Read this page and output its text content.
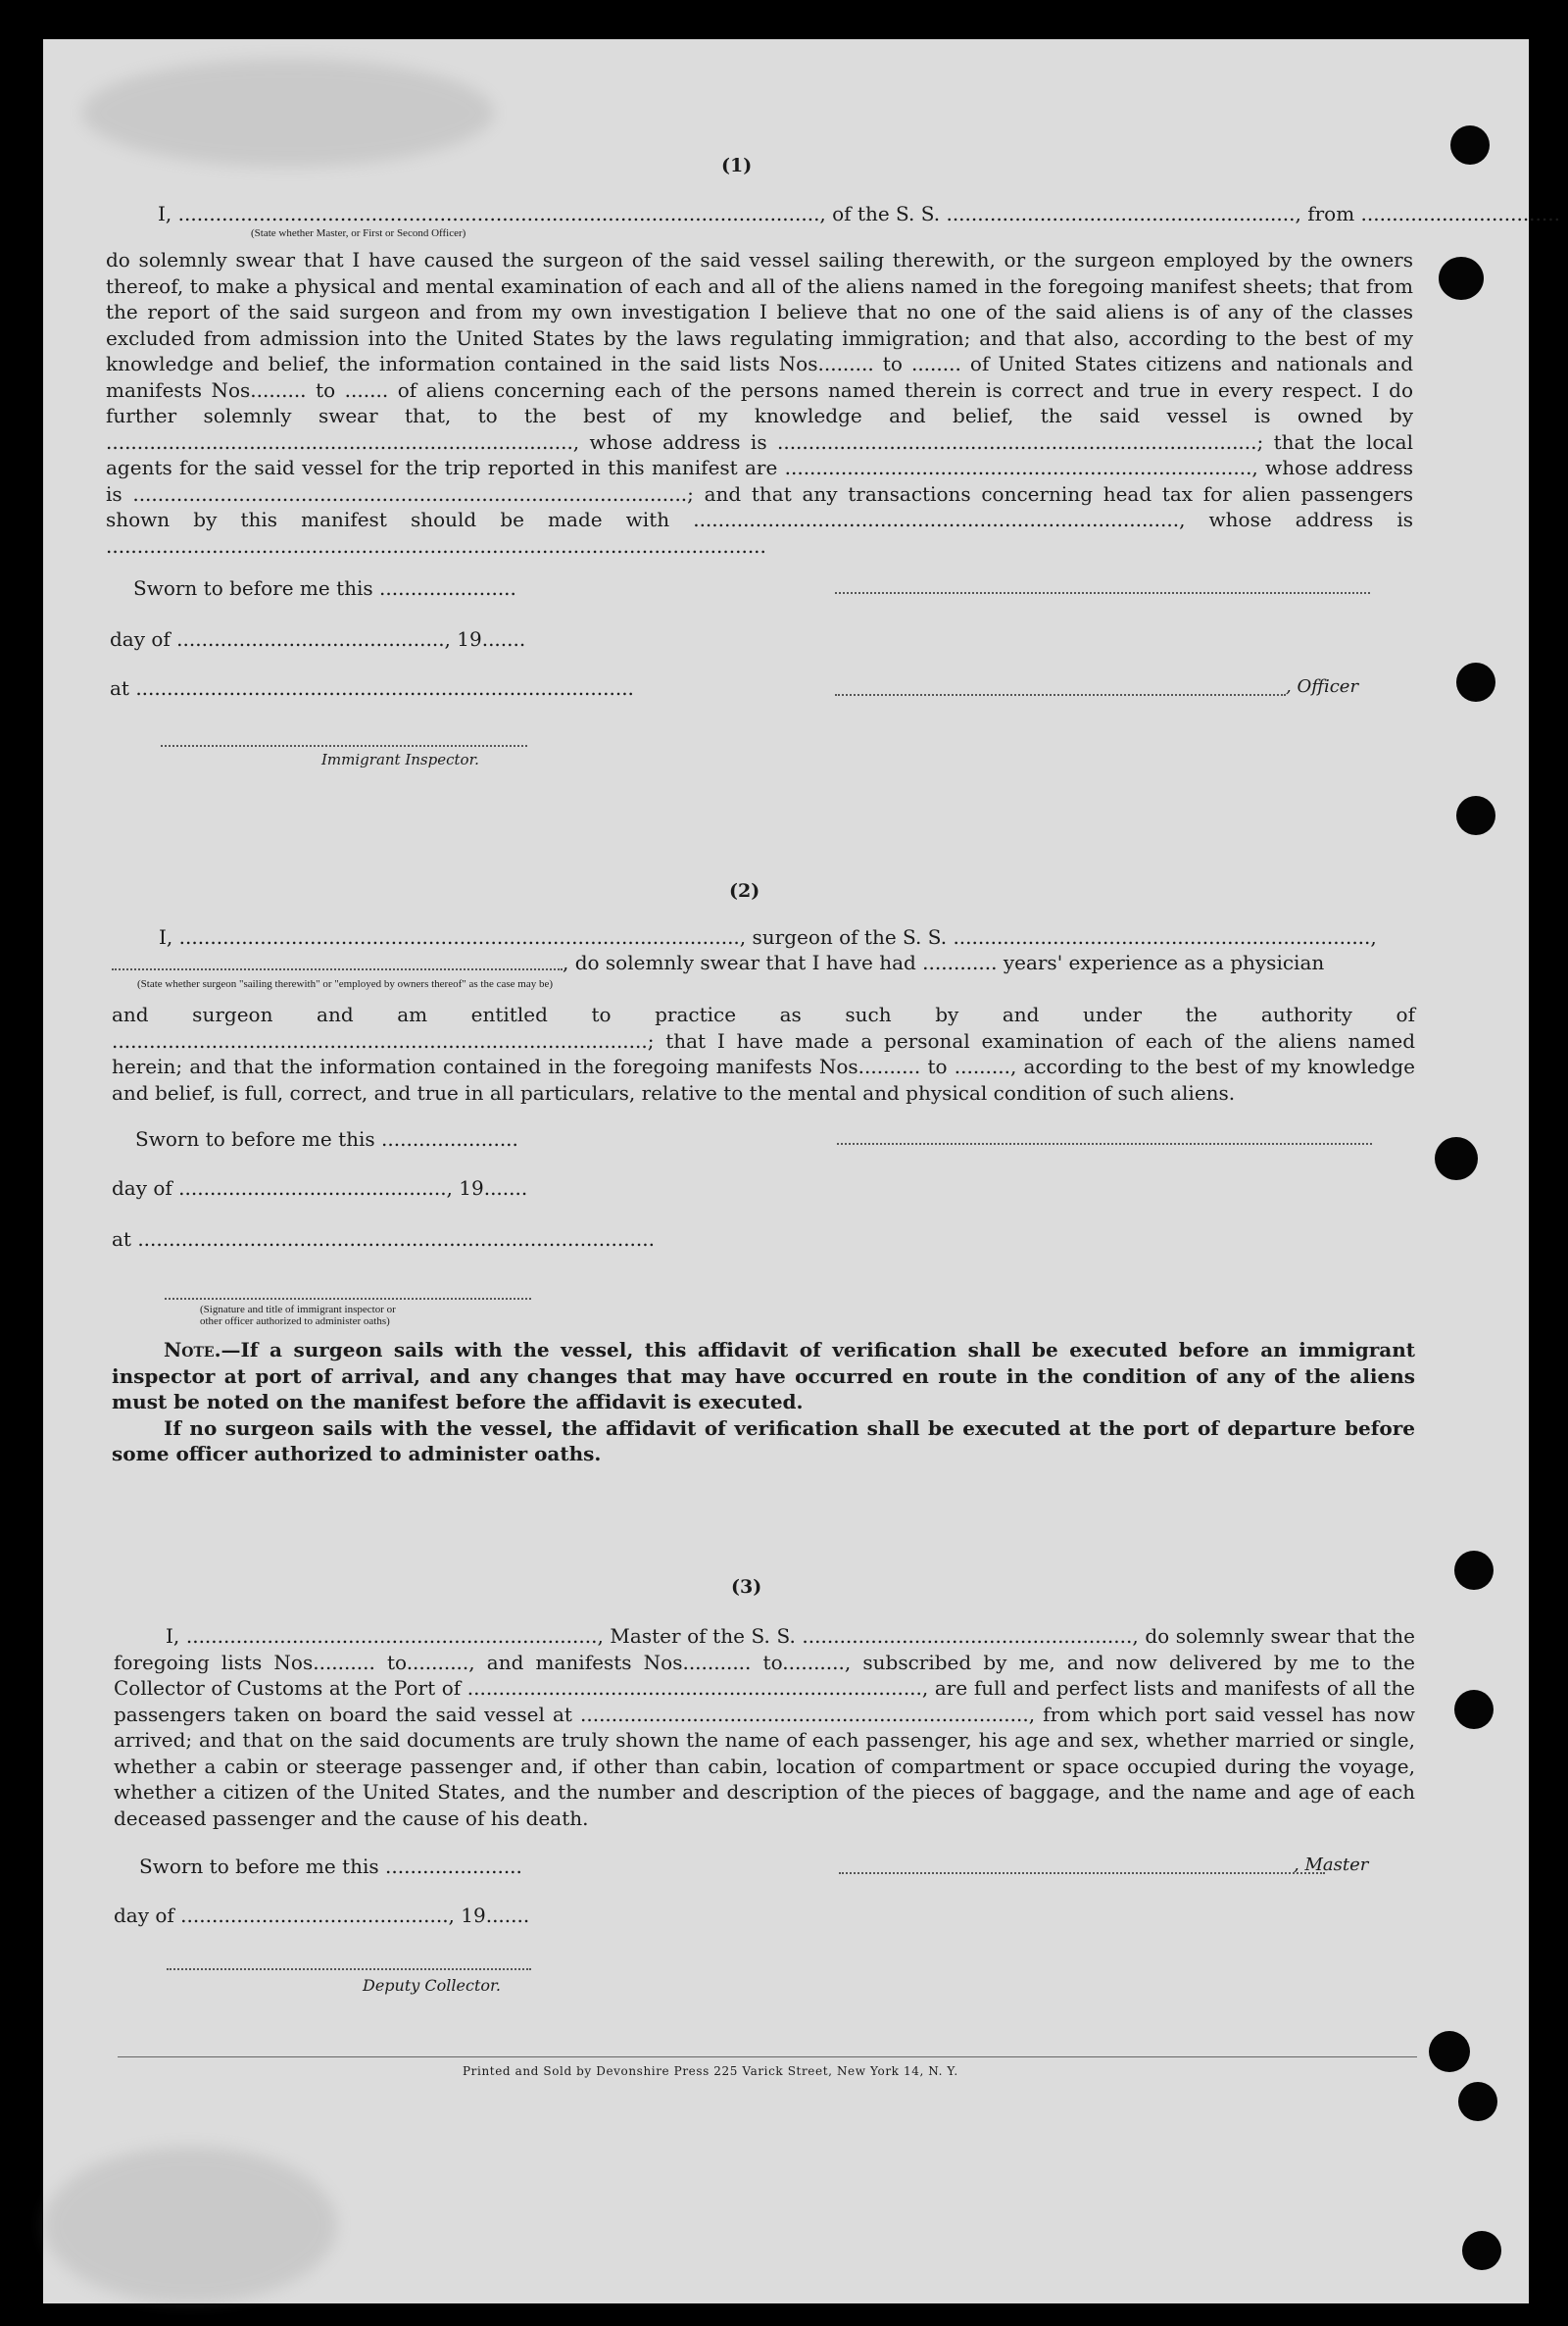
(1)
I, ......................................................................................................., of the S. S. ........................................................, from ................................
(State whether Master, or First or Second Officer)
do solemnly swear that I have caused the surgeon of the said vessel sailing therewith, or the surgeon employed by the owners thereof, to make a physical and mental examination of each and all of the aliens named in the foregoing manifest sheets; that from the report of the said surgeon and from my own investigation I believe that no one of the said aliens is of any of the classes excluded from admission into the United States by the laws regulating immigration; and that also, according to the best of my knowledge and belief, the information contained in the said lists Nos......... to ........ of United States citizens and nationals and manifests Nos......... to ....... of aliens concerning each of the persons named therein is correct and true in every respect. I do further solemnly swear that, to the best of my knowledge and belief, the said vessel is owned by ..........................................................................., whose address is .............................................................................; that the local agents for the said vessel for the trip reported in this manifest are ..........................................................................., whose address is .........................................................................................; and that any transactions concerning head tax for alien passengers shown by this manifest should be made with .............................................................................., whose address is ..........................................................................................................
Sworn to before me this ......................
day of ..........................................., 19.......
at ................................................................................	, Officer
Immigrant Inspector.
(2)
I, .........................................................................................., surgeon of the S. S. ...................................................................,
, do solemnly swear that I have had ............ years' experience as a physician
(State whether surgeon "sailing therewith" or "employed by owners thereof" as the case may be)
and surgeon and am entitled to practice as such by and under the authority of ......................................................................................; that I have made a personal examination of each of the aliens named herein; and that the information contained in the foregoing manifests Nos.......... to ........., according to the best of my knowledge and belief, is full, correct, and true in all particulars, relative to the mental and physical condition of such aliens.
Sworn to before me this ......................
day of ..........................................., 19.......
at ...................................................................................
(Signature and title of immigrant inspector or
other officer authorized to administer oaths)

Note.—If a surgeon sails with the vessel, this affidavit of verification shall be executed before an immigrant inspector at port of arrival, and any changes that may have occurred en route in the condition of any of the aliens must be noted on the manifest before the affidavit is executed.

If no surgeon sails with the vessel, the affidavit of verification shall be executed at the port of departure before some officer authorized to administer oaths.

(3)

I, .................................................................., Master of the S. S. ....................................................., do solemnly swear that the foregoing lists Nos.......... to.........., and manifests Nos........... to.........., subscribed by me, and now delivered by me to the Collector of Customs at the Port of ........................................................................., are full and perfect lists and manifests of all the passengers taken on board the said vessel at ........................................................................, from which port said vessel has now arrived; and that on the said documents are truly shown the name of each passenger, his age and sex, whether married or single, whether a cabin or steerage passenger and, if other than cabin, location of compartment or space occupied during the voyage, whether a citizen of the United States, and the number and description of the pieces of baggage, and the name and age of each deceased passenger and the cause of his death.

Sworn to before me this ......................	, Master
day of ..........................................., 19.......
Deputy Collector.
Printed and Sold by Devonshire Press 225 Varick Street, New York 14, N. Y.
